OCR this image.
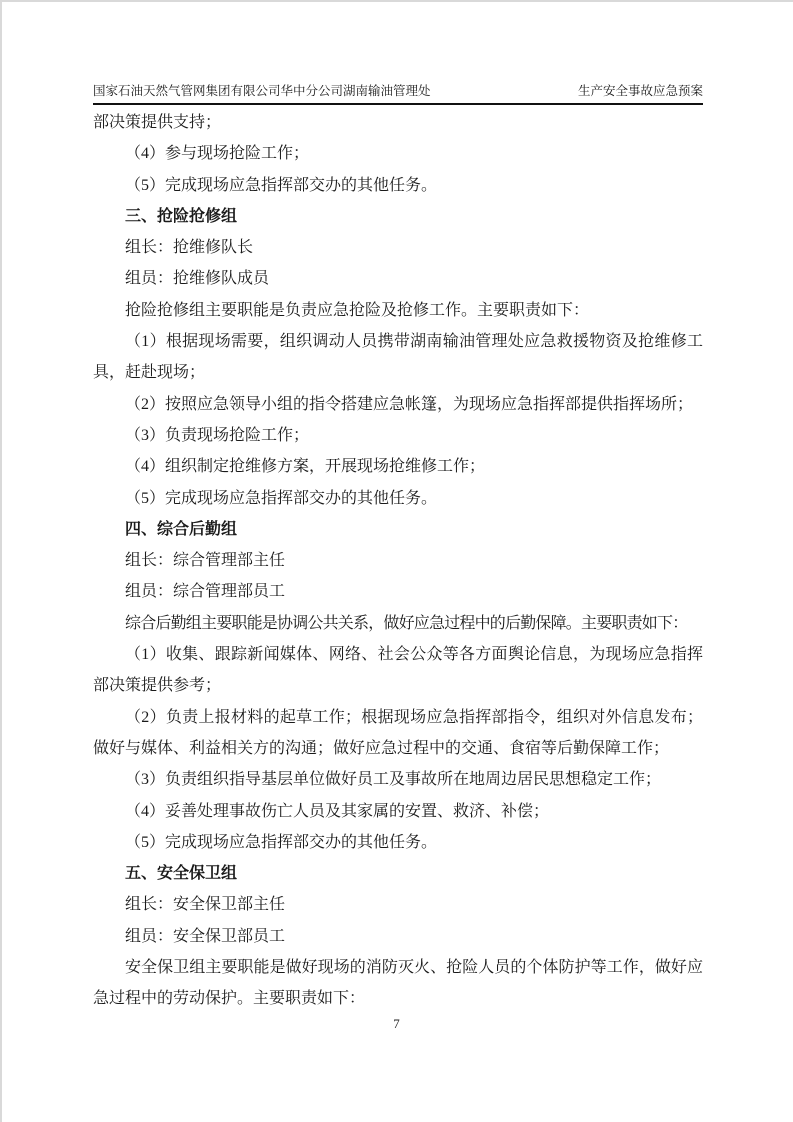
国家石油天然气管网集团有限公司华中分公司湖南输油管理处	生产安全事故应急预案

部决策提供支持；

（4）参与现场抢险工作；

（5）完成现场应急指挥部交办的其他任务。

三、抢险抢修组

组长：抢维修队长

组员：抢维修队成员

抢险抢修组主要职能是负责应急抢险及抢修工作。主要职责如下：

（1）根据现场需要，组织调动人员携带湖南输油管理处应急救援物资及抢维修工具，赶赴现场；

（2）按照应急领导小组的指令搭建应急帐篷，为现场应急指挥部提供指挥场所；

（3）负责现场抢险工作；

（4）组织制定抢维修方案，开展现场抢维修工作；

（5）完成现场应急指挥部交办的其他任务。

四、综合后勤组

组长：综合管理部主任

组员：综合管理部员工

综合后勤组主要职能是协调公共关系，做好应急过程中的后勤保障。主要职责如下：

（1）收集、跟踪新闻媒体、网络、社会公众等各方面舆论信息，为现场应急指挥部决策提供参考；

（2）负责上报材料的起草工作；根据现场应急指挥部指令，组织对外信息发布；做好与媒体、利益相关方的沟通；做好应急过程中的交通、食宿等后勤保障工作；

（3）负责组织指导基层单位做好员工及事故所在地周边居民思想稳定工作；

（4）妥善处理事故伤亡人员及其家属的安置、救济、补偿；

（5）完成现场应急指挥部交办的其他任务。

五、安全保卫组

组长：安全保卫部主任

组员：安全保卫部员工

安全保卫组主要职能是做好现场的消防灭火、抢险人员的个体防护等工作，做好应急过程中的劳动保护。主要职责如下：

7
